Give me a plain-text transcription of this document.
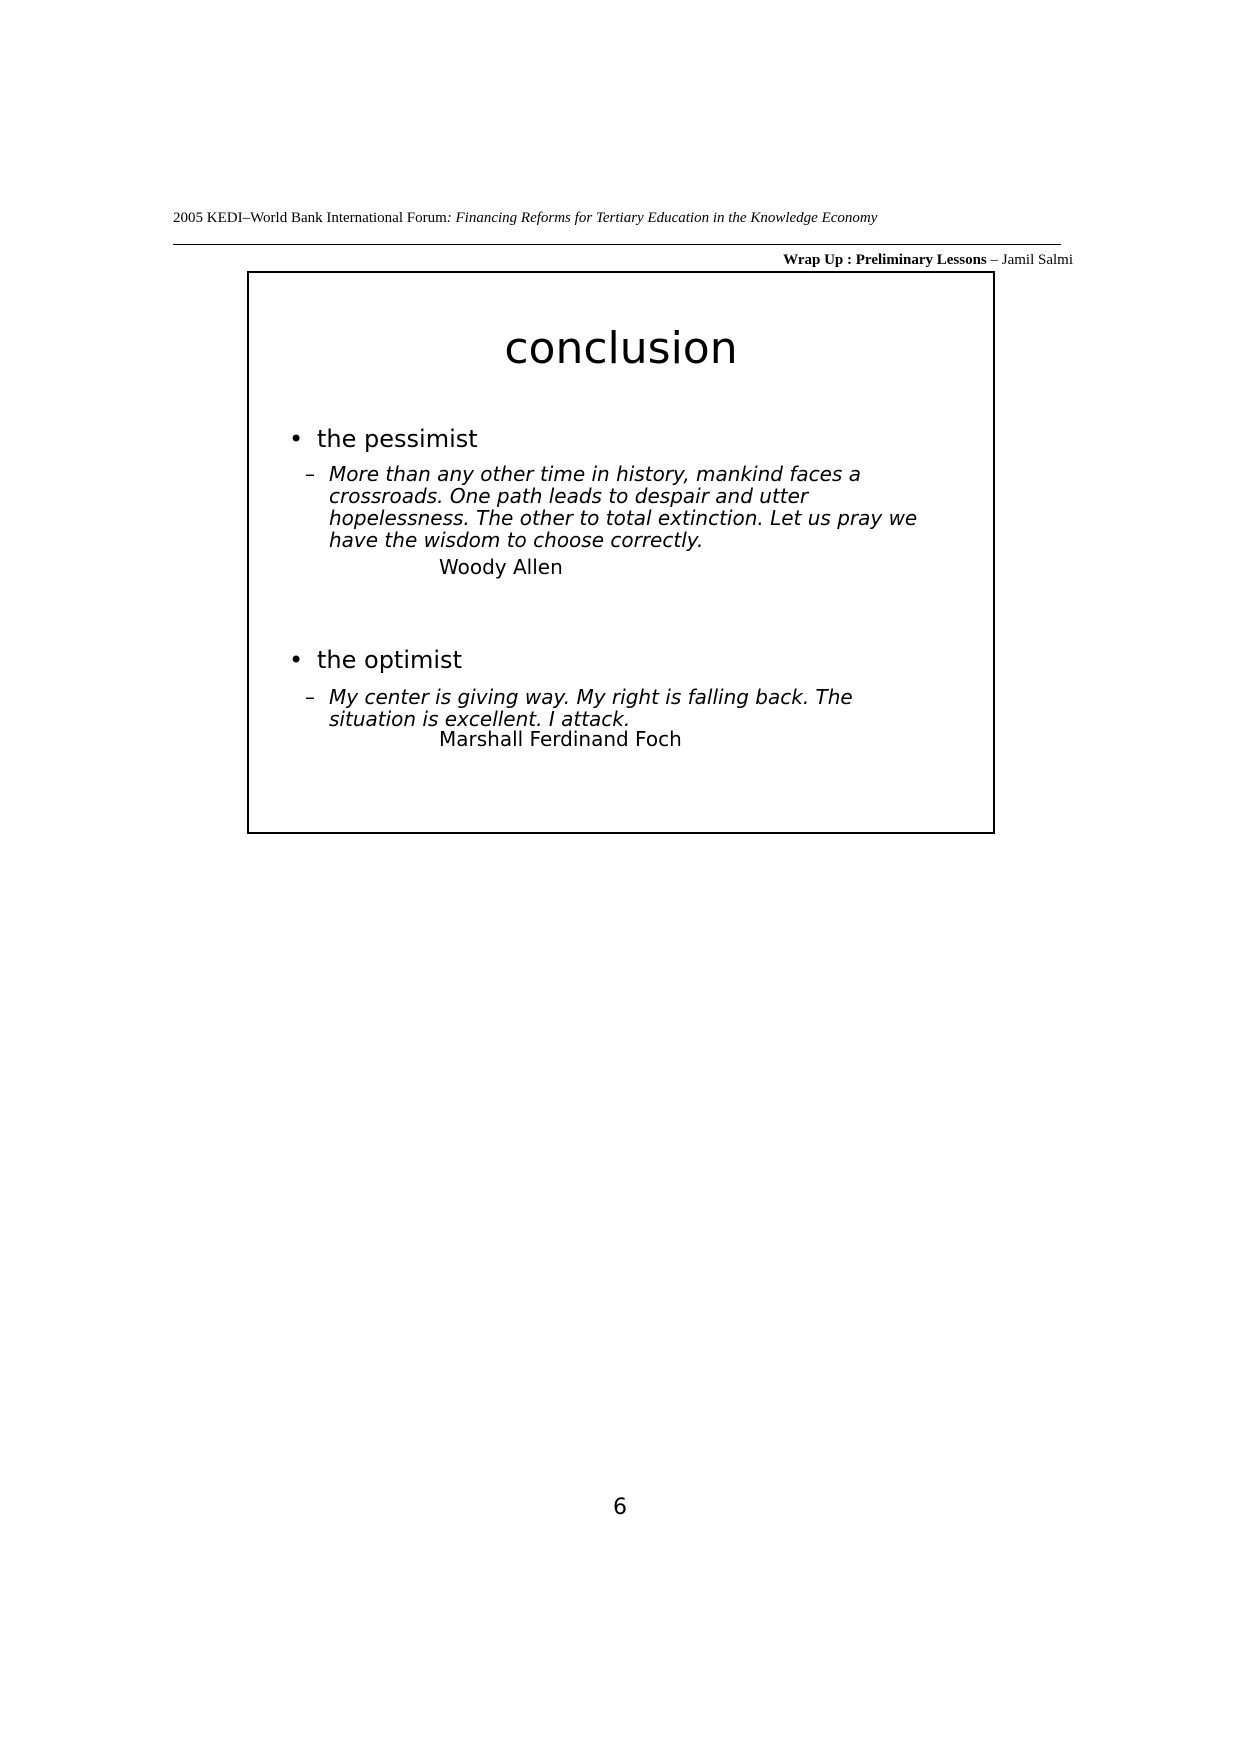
2005 KEDI–World Bank International Forum: Financing Reforms for Tertiary Education in the Knowledge Economy
Wrap Up : Preliminary Lessons – Jamil Salmi
conclusion
• the pessimist
– More than any other time in history, mankind faces a crossroads. One path leads to despair and utter hopelessness. The other to total extinction. Let us pray we have the wisdom to choose correctly.
Woody Allen
• the optimist
– My center is giving way. My right is falling back. The situation is excellent. I attack.
Marshall Ferdinand Foch
6
